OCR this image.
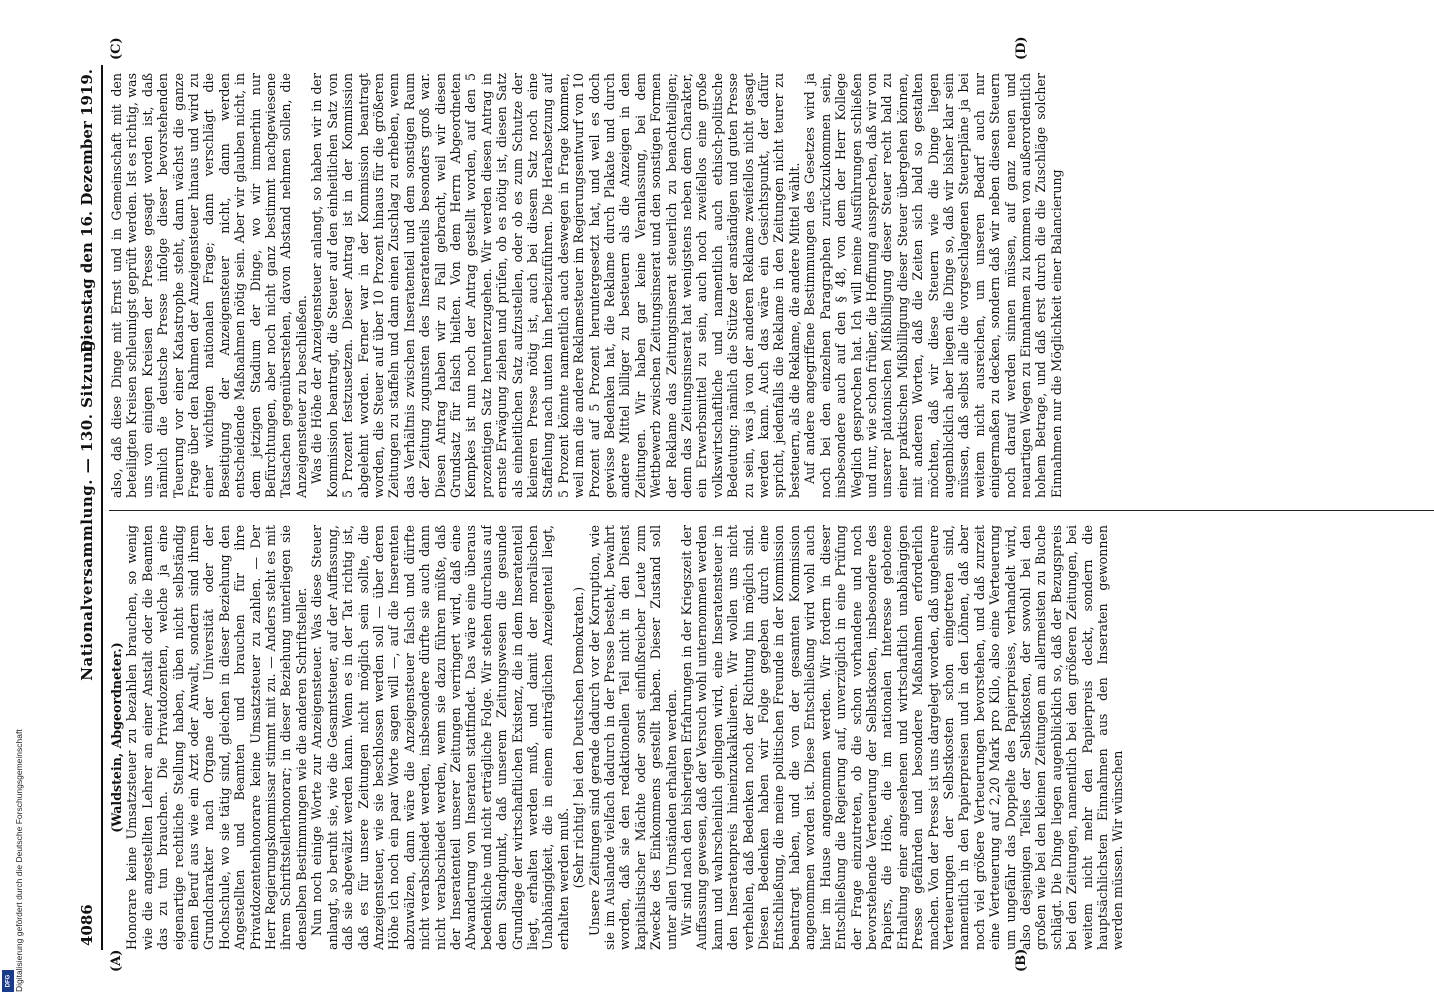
Digitalisierung gefördert durch die Deutsche Forschungsgemeinschaft
DFG
4086
Nationalversammlung. — 130. Sitzung.
Dienstag den 16. Dezember 1919.
(A)	(B)
(C)	(D)

(Waldstein, Abgeordneter.) Honorare keine Umsatzsteuer zu bezahlen brauchen, so wenig wie die angestellten Lehrer an einer Anstalt oder die Beamten das zu tun brauchen. Die Privatdozenten, welche ja eine eigenartige rechtliche Stellung haben, üben nicht selbständig einen Beruf aus wie ein Arzt oder Anwalt, sondern sind ihrem Grundcharakter nach Organe der Universität oder der Hochschule, wo sie tätig sind, gleichen in dieser Beziehung den Angestellten und Beamten und brauchen für ihre Privatdozentenhonorare keine Umsatzsteuer zu zahlen. — Der Herr Regierungskommissar stimmt mit zu. — Anders steht es mit ihrem Schriftstellerhonorar; in dieser Beziehung unterliegen sie denselben Bestimmungen wie die anderen Schriftsteller. Nun noch einige Worte zur Anzeigensteuer. Was diese Steuer anlangt, so beruht sie, wie die Gesamtsteuer, auf der Auffassung, daß sie abgewälzt werden kann. Wenn es in der Tat richtig ist, daß es für unsere Zeitungen nicht möglich sein sollte, die Anzeigensteuer, wie sie beschlossen werden soll — über deren Höhe ich noch ein paar Worte sagen will —, auf die Inserenten abzuwälzen, dann wäre die Anzeigensteuer falsch und dürfte nicht verabschiedet werden, insbesondere dürfte sie auch dann nicht verabschiedet werden, wenn sie dazu führen müßte, daß der Inseratenteil unserer Zeitungen verringert wird, daß eine Abwanderung von Inseraten stattfindet. Das wäre eine überaus bedenkliche und nicht erträgliche Folge. Wir stehen durchaus auf dem Standpunkt, daß unserem Zeitungswesen die gesunde Grundlage der wirtschaftlichen Existenz, die in dem Inseratenteil liegt, erhalten werden muß, und damit der moralischen Unabhängigkeit, die in einem einträglichen Anzeigenteil liegt, erhalten werden muß. (Sehr richtig! bei den Deutschen Demokraten.) Unsere Zeitungen sind gerade dadurch vor der Korruption, wie sie im Auslande vielfach dadurch in der Presse besteht, bewahrt worden, daß sie den redaktionellen Teil nicht in den Dienst kapitalistischer Mächte oder sonst einflußreicher Leute zum Zwecke des Einkommens gestellt haben. Dieser Zustand soll unter allen Umständen erhalten werden. Wir sind nach den bisherigen Erfahrungen in der Kriegszeit der Auffassung gewesen, daß der Versuch wohl unternommen werden kann und wahrscheinlich gelingen wird, eine Inseratensteuer in den Inseratenpreis hineinzukalkulieren. Wir wollen uns nicht verhehlen, daß Bedenken noch der Richtung hin möglich sind. Diesen Bedenken haben wir Folge gegeben durch eine Entschließung, die meine politischen Freunde in der Kommission beantragt haben, und die von der gesamten Kommission angenommen worden ist. Diese Entschließung wird wohl auch hier im Hause angenommen werden. Wir fordern in dieser Entschließung die Regierung auf, unverzüglich in eine Prüfung der Frage einzutreten, ob die schon vorhandene und noch bevorstehende Verteuerung der Selbstkosten, insbesondere des Papiers, die Höhe, die im nationalen Interesse gebotene Erhaltung einer angesehenen und wirtschaftlich unabhängigen Presse gefährden und besondere Maßnahmen erforderlich machen. Von der Presse ist uns dargelegt worden, daß ungeheure Verteuerungen der Selbstkosten schon eingetreten sind, namentlich in den Papierpreisen und in den Löhnen, daß aber noch viel größere Verteuerungen bevorstehen, und daß zurzeit eine Verteuerung auf 2,20 Mark pro Kilo, also eine Verteuerung um ungefähr das Doppelte des Papierpreises, verhandelt wird, also desjenigen Teiles der Selbstkosten, der sowohl bei den großen wie bei den kleinen Zeitungen am allermeisten zu Buche schlägt. Die Dinge liegen augenblicklich so, daß der Bezugspreis bei den Zeitungen, namentlich bei den größeren Zeitungen, bei weitem nicht mehr den Papierpreis deckt, sondern die hauptsächlichsten Einnahmen aus den Inseraten gewonnen werden müssen. Wir wünschen

also, daß diese Dinge mit Ernst und in Gemeinschaft mit den beteiligten Kreisen schleunigst geprüft werden. Ist es richtig, was uns von einigen Kreisen der Presse gesagt worden ist, daß nämlich die deutsche Presse infolge dieser bevorstehenden Teuerung vor einer Katastrophe steht, dann wächst die ganze Frage über den Rahmen der Anzeigensteuer hinaus und wird zu einer wichtigen nationalen Frage; dann verschlägt die Beseitigung der Anzeigensteuer nicht, dann werden entscheidende Maßnahmen nötig sein. Aber wir glauben nicht, in dem jetzigen Stadium der Dinge, wo wir immerhin nur Befürchtungen, aber noch nicht ganz bestimmt nachgewiesene Tatsachen gegenüberstehen, davon Abstand nehmen sollen, die Anzeigensteuer zu beschließen. Was die Höhe der Anzeigensteuer anlangt, so haben wir in der Kommission beantragt, die Steuer auf den einheitlichen Satz von 5 Prozent festzusetzen. Dieser Antrag ist in der Kommission abgelehnt worden. Ferner war in der Kommission beantragt worden, die Steuer auf über 10 Prozent hinaus für die größeren Zeitungen zu staffeln und dann einen Zuschlag zu erheben, wenn das Verhältnis zwischen Inseratenteil und dem sonstigen Raum der Zeitung zugunsten des Inseratenteils besonders groß war. Diesen Antrag haben wir zu Fall gebracht, weil wir diesen Grundsatz für falsch hielten. Von dem Herrn Abgeordneten Kempkes ist nun noch der Antrag gestellt worden, auf den 5 prozentigen Satz herunterzugehen. Wir werden diesen Antrag in ernste Erwägung ziehen und prüfen, ob es nötig ist, diesen Satz als einheitlichen Satz aufzustellen, oder ob es zum Schutze der kleineren Presse nötig ist, auch bei diesem Satz noch eine Staffelung nach unten hin herbeizuführen. Die Herabsetzung auf 5 Prozent könnte namentlich auch deswegen in Frage kommen, weil man die andere Reklamesteuer im Regierungsentwurf von 10 Prozent auf 5 Prozent heruntergesetzt hat, und weil es doch gewisse Bedenken hat, die Reklame durch Plakate und durch andere Mittel billiger zu besteuern als die Anzeigen in den Zeitungen. Wir haben gar keine Veranlassung, bei dem Wettbewerb zwischen Zeitungsinserat und den sonstigen Formen der Reklame das Zeitungsinserat steuerlich zu benachteiligen; denn das Zeitungsinserat hat wenigstens neben dem Charakter, ein Erwerbsmittel zu sein, auch noch zweifellos eine große volkswirtschaftliche und namentlich auch ethisch-politische Bedeutung: nämlich die Stütze der anständigen und guten Presse zu sein, was ja von der anderen Reklame zweifellos nicht gesagt werden kann. Auch das wäre ein Gesichtspunkt, der dafür spricht, jedenfalls die Reklame in den Zeitungen nicht teurer zu besteuern, als die Reklame, die andere Mittel wählt. Auf andere angegriffene Bestimmungen des Gesetzes wird ja noch bei den einzelnen Paragraphen zurückzukommen sein, insbesondere auch auf den § 48, von dem der Herr Kollege Weglich gesprochen hat. Ich will meine Ausführungen schließen und nur, wie schon früher, die Hoffnung aussprechen, daß wir von unserer platonischen Mißbilligung dieser Steuer recht bald zu einer praktischen Mißbilligung dieser Steuer übergehen können, mit anderen Worten, daß die Zeiten sich bald so gestalten möchten, daß wir diese Steuern wie die Dinge liegen augenblicklich aber liegen die Dinge so, daß wir bisher klar sein müssen, daß selbst alle die vorgeschlagenen Steuerpläne ja bei weitem nicht ausreichen, um unseren Bedarf auch nur einigermaßen zu decken, sondern daß wir neben diesen Steuern noch darauf werden sinnen müssen, auf ganz neuen und neuartigen Wegen zu Einnahmen zu kommen von außerordentlich hohem Betrage, und daß erst durch die die Zuschläge solcher Einnahmen nur die Möglichkeit einer Balancierung
